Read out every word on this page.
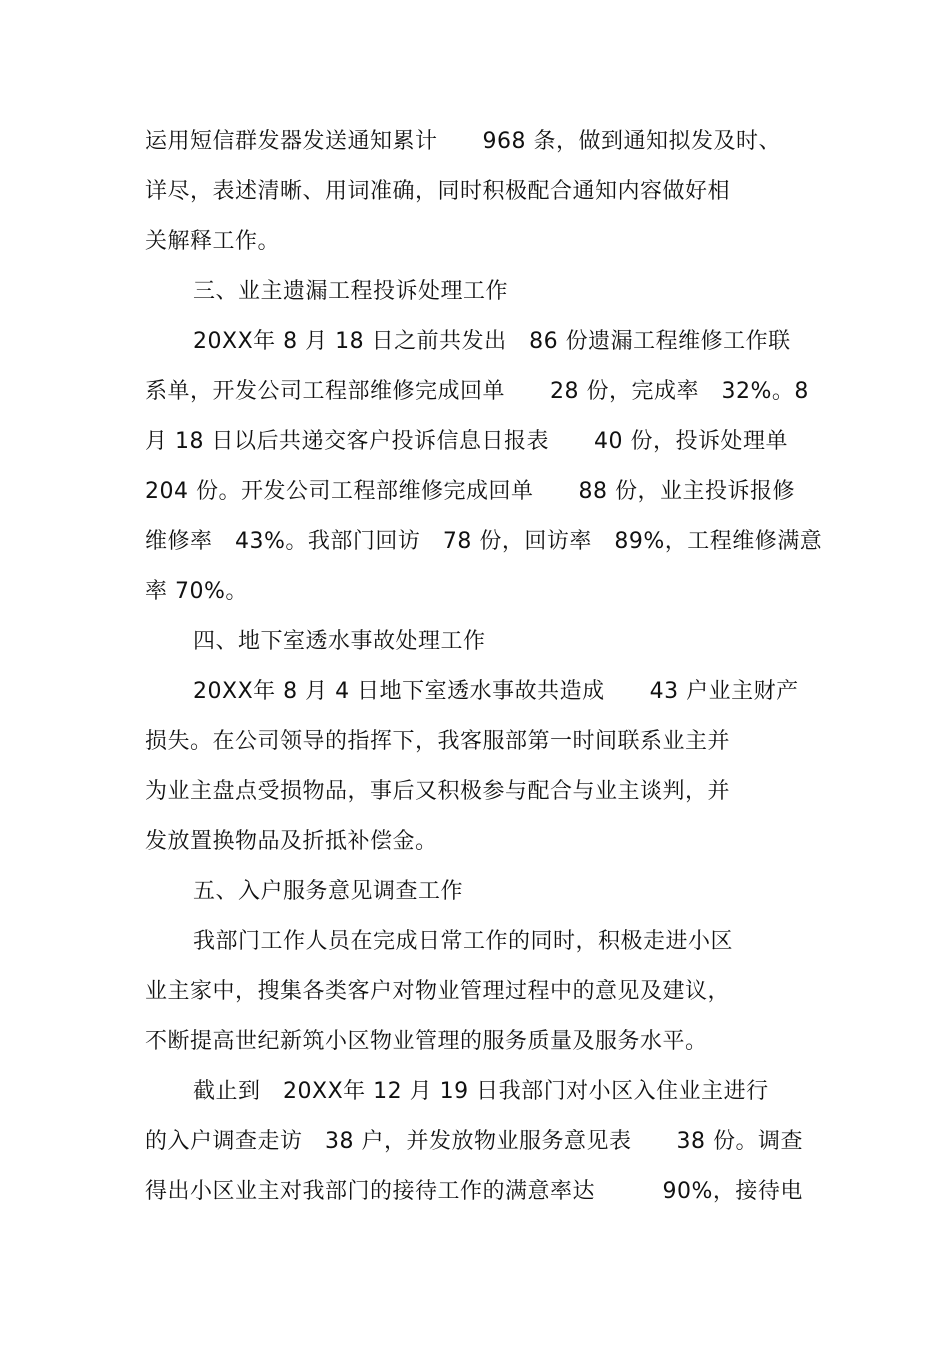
运用短信群发器发送通知累计　　968 条，做到通知拟发及时、
详尽，表述清晰、用词准确，同时积极配合通知内容做好相
关解释工作。
三、业主遗漏工程投诉处理工作
20XX年 8 月 18 日之前共发出　86 份遗漏工程维修工作联
系单，开发公司工程部维修完成回单　　28 份，完成率　32%。8
月 18 日以后共递交客户投诉信息日报表　　40 份，投诉处理单
204 份。开发公司工程部维修完成回单　　88 份，业主投诉报修
维修率　43%。我部门回访　78 份，回访率　89%，工程维修满意
率 70%。
四、地下室透水事故处理工作
20XX年 8 月 4 日地下室透水事故共造成　　43 户业主财产
损失。在公司领导的指挥下，我客服部第一时间联系业主并
为业主盘点受损物品，事后又积极参与配合与业主谈判，并
发放置换物品及折抵补偿金。
五、入户服务意见调查工作
我部门工作人员在完成日常工作的同时，积极走进小区
业主家中，搜集各类客户对物业管理过程中的意见及建议，
不断提高世纪新筑小区物业管理的服务质量及服务水平。
截止到　20XX年 12 月 19 日我部门对小区入住业主进行
的入户调查走访　38 户，并发放物业服务意见表　　38 份。调查
得出小区业主对我部门的接待工作的满意率达　　　90%，接待电
